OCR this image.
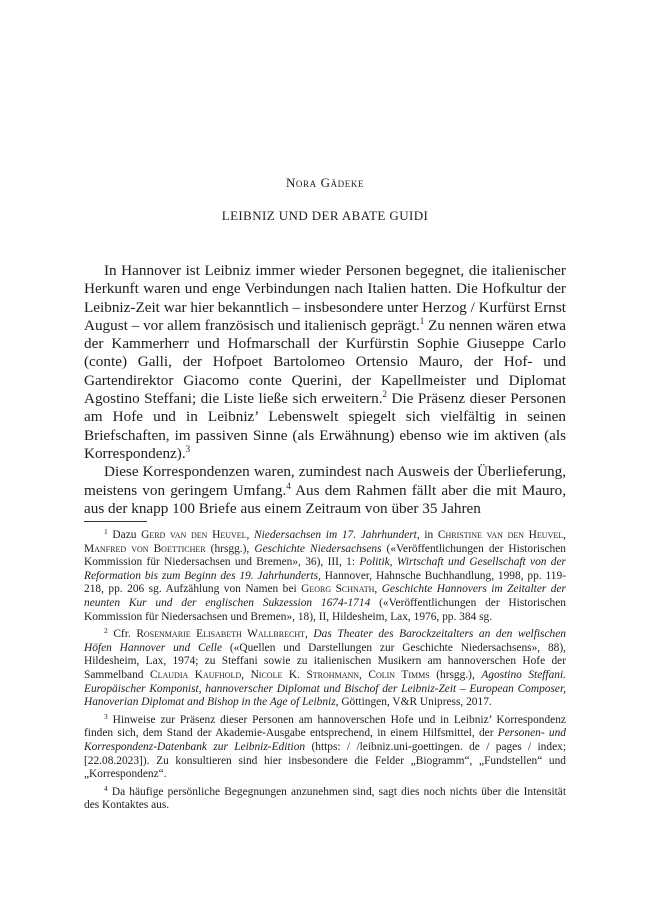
Nora Gädeke
LEIBNIZ UND DER ABATE GUIDI

In Hannover ist Leibniz immer wieder Personen begegnet, die italienischer Herkunft waren und enge Verbindungen nach Italien hatten. Die Hofkultur der Leibniz-Zeit war hier bekanntlich – insbesondere unter Herzog / Kurfürst Ernst August – vor allem französisch und italienisch geprägt.$^1$ Zu nennen wären etwa der Kammerherr und Hofmarschall der Kurfürstin Sophie Giuseppe Carlo (conte) Galli, der Hofpoet Bartolomeo Ortensio Mauro, der Hof- und Gartendirektor Giacomo conte Querini, der Kapellmeister und Diplomat Agostino Steffani; die Liste ließe sich erweitern.$^2$ Die Präsenz dieser Personen am Hofe und in Leibniz’ Lebenswelt spiegelt sich vielfältig in seinen Briefschaften, im passiven Sinne (als Erwähnung) ebenso wie im aktiven (als Korrespondenz).$^3$

Diese Korrespondenzen waren, zumindest nach Ausweis der Überlieferung, meistens von geringem Umfang.$^4$ Aus dem Rahmen fällt aber die mit Mauro, aus der knapp 100 Briefe aus einem Zeitraum von über 35 Jahren

$^1$ Dazu Gerd van den Heuvel, Niedersachsen im 17. Jahrhundert, in Christine van den Heuvel, Manfred von Boetticher (hrsgg.), Geschichte Niedersachsens («Veröffentlichungen der Historischen Kommission für Niedersachsen und Bremen», 36), III, 1: Politik, Wirtschaft und Gesellschaft von der Reformation bis zum Beginn des 19. Jahrhunderts, Hannover, Hahnsche Buchhandlung, 1998, pp. 119-218, pp. 206 sg. Aufzählung von Namen bei Georg Schnath, Geschichte Hannovers im Zeitalter der neunten Kur und der englischen Sukzession 1674-1714 («Veröffentlichungen der Historischen Kommission für Niedersachsen und Bremen», 18), II, Hildesheim, Lax, 1976, pp. 384 sg.

$^2$ Cfr. Rosenmarie Elisabeth Wallbrecht, Das Theater des Barockzeitalters an den welfischen Höfen Hannover und Celle («Quellen und Darstellungen zur Geschichte Niedersachsens», 88), Hildesheim, Lax, 1974; zu Steffani sowie zu italienischen Musikern am hannoverschen Hofe der Sammelband Claudia Kaufhold, Nicole K. Strohmann, Colin Timms (hrsgg.), Agostino Steffani. Europäischer Komponist, hannoverscher Diplomat und Bischof der Leibniz-Zeit – European Composer, Hanoverian Diplomat and Bishop in the Age of Leibniz, Göttingen, V&R Unipress, 2017.

$^3$ Hinweise zur Präsenz dieser Personen am hannoverschen Hofe und in Leibniz’ Korrespondenz finden sich, dem Stand der Akademie-Ausgabe entsprechend, in einem Hilfsmittel, der Personen- und Korrespondenz-Datenbank zur Leibniz-Edition (https: / /leibniz.uni-goettingen. de / pages / index; [22.08.2023]). Zu konsultieren sind hier insbesondere die Felder „Biogramm“, „Fundstellen“ und „Korrespondenz“.

$^4$ Da häufige persönliche Begegnungen anzunehmen sind, sagt dies noch nichts über die Intensität des Kontaktes aus.
